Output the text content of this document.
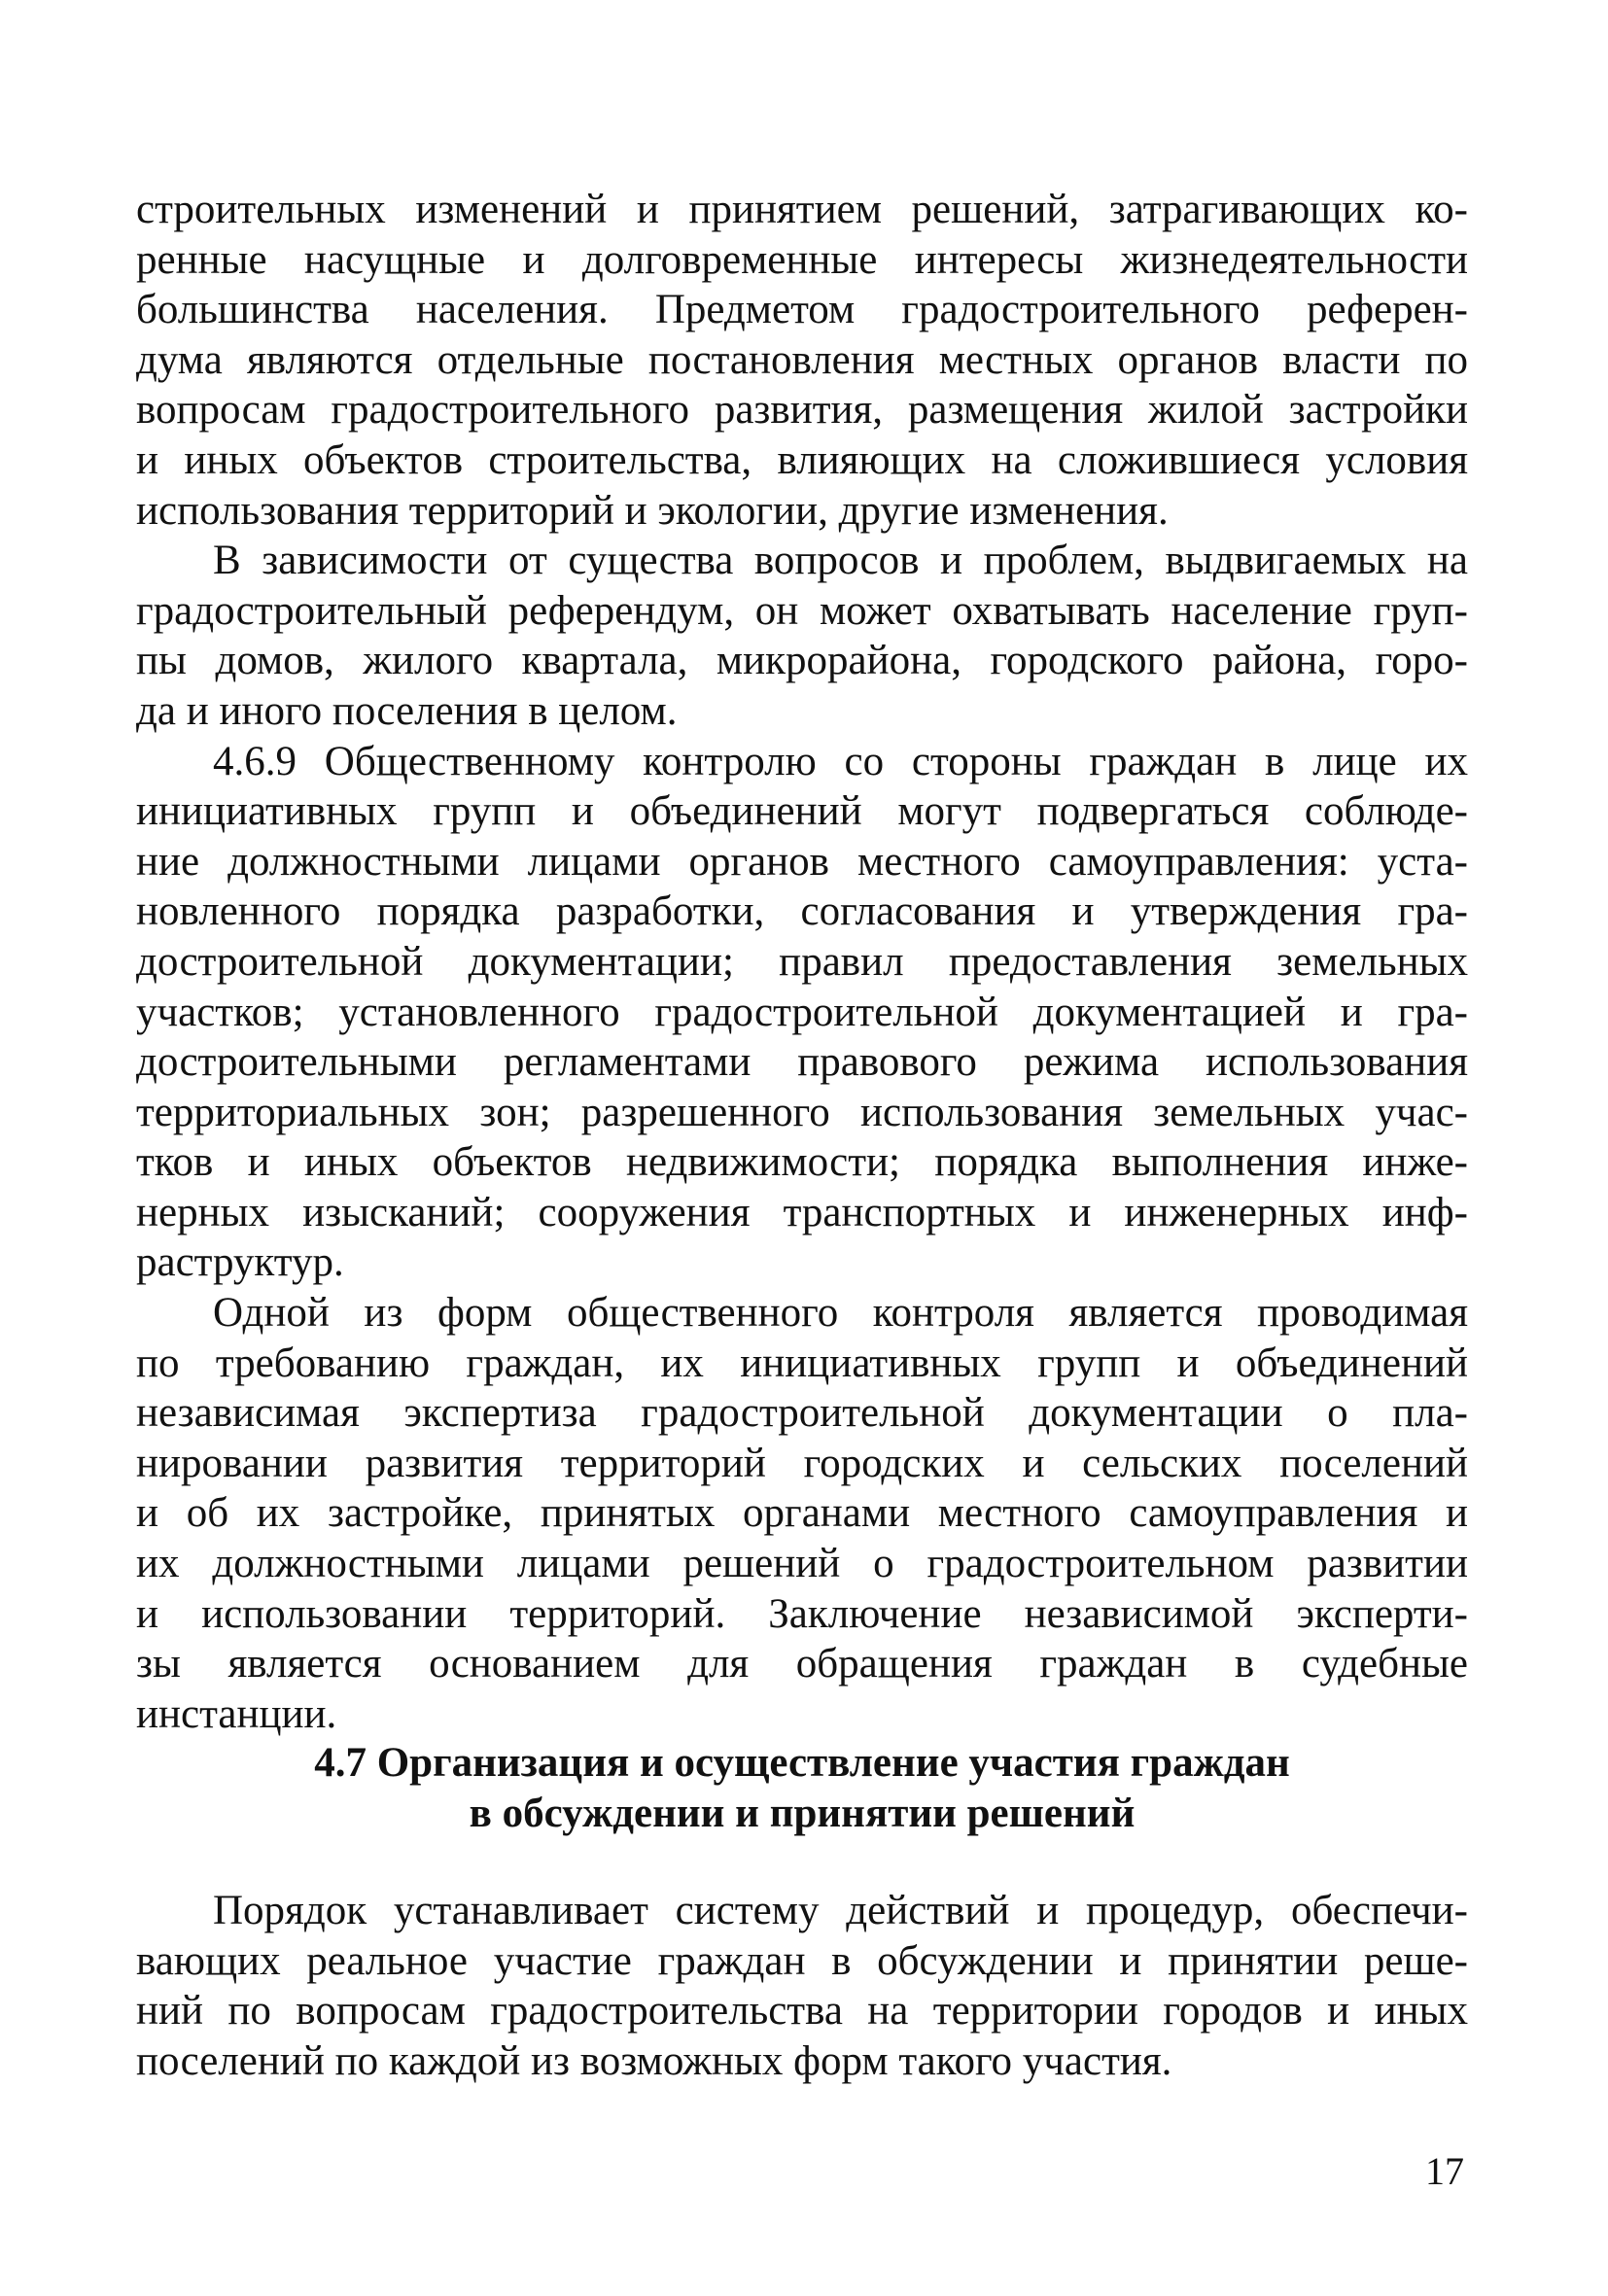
строительных изменений и принятием решений, затрагивающих ко-
ренные насущные и долговременные интересы жизнедеятельности
большинства населения. Предметом градостроительного референ-
дума являются отдельные постановления местных органов власти по
вопросам градостроительного развития, размещения жилой застройки
и иных объектов строительства, влияющих на сложившиеся условия
использования территорий и экологии, другие изменения.
В зависимости от существа вопросов и проблем, выдвигаемых на
градостроительный референдум, он может охватывать население груп-
пы домов, жилого квартала, микрорайона, городского района, горо-
да и иного поселения в целом.
4.6.9 Общественному контролю со стороны граждан в лице их
инициативных групп и объединений могут подвергаться соблюде-
ние должностными лицами органов местного самоуправления: уста-
новленного порядка разработки, согласования и утверждения гра-
достроительной документации; правил предоставления земельных
участков; установленного градостроительной документацией и гра-
достроительными регламентами правового режима использования
территориальных зон; разрешенного использования земельных учас-
тков и иных объектов недвижимости; порядка выполнения инже-
нерных изысканий; сооружения транспортных и инженерных инф-
раструктур.
Одной из форм общественного контроля является проводимая
по требованию граждан, их инициативных групп и объединений
независимая экспертиза градостроительной документации о пла-
нировании развития территорий городских и сельских поселений
и об их застройке, принятых органами местного самоуправления и
их должностными лицами решений о градостроительном развитии
и использовании территорий. Заключение независимой эксперти-
зы является основанием для обращения граждан в судебные
инстанции.
4.7 Организация и осуществление участия граждан
в обсуждении и принятии решений
Порядок устанавливает систему действий и процедур, обеспечи-
вающих реальное участие граждан в обсуждении и принятии реше-
ний по вопросам градостроительства на территории городов и иных
поселений по каждой из возможных форм такого участия.
17
